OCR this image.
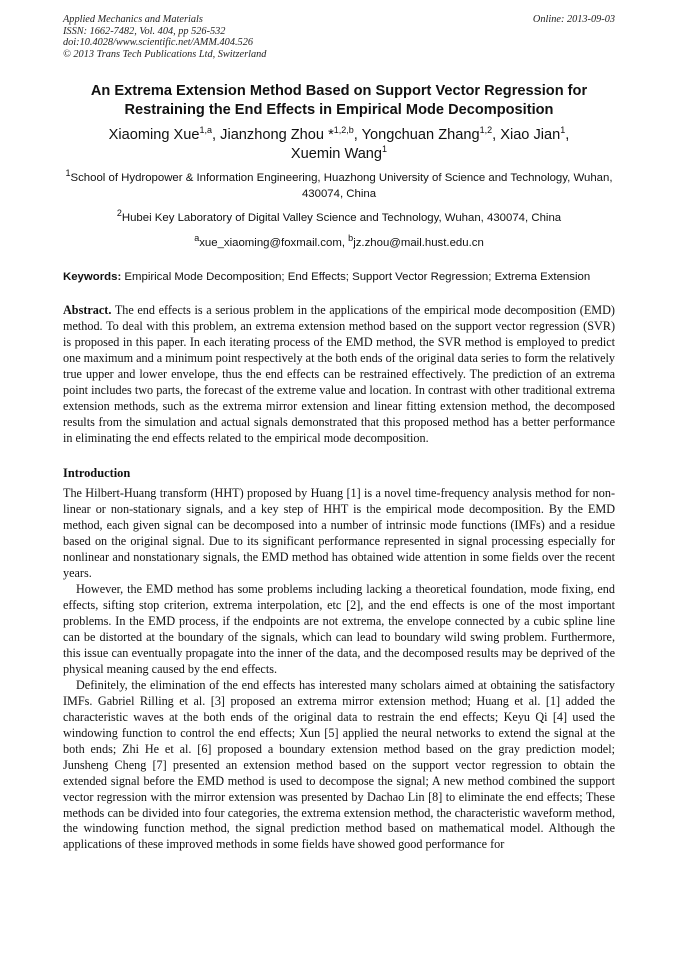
Applied Mechanics and Materials
ISSN: 1662-7482, Vol. 404, pp 526-532
doi:10.4028/www.scientific.net/AMM.404.526
© 2013 Trans Tech Publications Ltd, Switzerland
Online: 2013-09-03
An Extrema Extension Method Based on Support Vector Regression for
Restraining the End Effects in Empirical Mode Decomposition
Xiaoming Xue$^{1,a}$, Jianzhong Zhou *$^{1,2,b}$, Yongchuan Zhang$^{1,2}$, Xiao Jian$^1$,
Xuemin Wang$^1$
$^1$School of Hydropower & Information Engineering, Huazhong University of Science and Technology, Wuhan, 430074, China
$^2$Hubei Key Laboratory of Digital Valley Science and Technology, Wuhan, 430074, China
$^a$xue_xiaoming@foxmail.com, $^b$jz.zhou@mail.hust.edu.cn
Keywords: Empirical Mode Decomposition; End Effects; Support Vector Regression; Extrema Extension
Abstract. The end effects is a serious problem in the applications of the empirical mode decomposition (EMD) method. To deal with this problem, an extrema extension method based on the support vector regression (SVR) is proposed in this paper. In each iterating process of the EMD method, the SVR method is employed to predict one maximum and a minimum point respectively at the both ends of the original data series to form the relatively true upper and lower envelope, thus the end effects can be restrained effectively. The prediction of an extrema point includes two parts, the forecast of the extreme value and location. In contrast with other traditional extrema extension methods, such as the extrema mirror extension and linear fitting extension method, the decomposed results from the simulation and actual signals demonstrated that this proposed method has a better performance in eliminating the end effects related to the empirical mode decomposition.
Introduction
The Hilbert-Huang transform (HHT) proposed by Huang [1] is a novel time-frequency analysis method for non-linear or non-stationary signals, and a key step of HHT is the empirical mode decomposition. By the EMD method, each given signal can be decomposed into a number of intrinsic mode functions (IMFs) and a residue based on the original signal. Due to its significant performance represented in signal processing especially for nonlinear and nonstationary signals, the EMD method has obtained wide attention in some fields over the recent years.
However, the EMD method has some problems including lacking a theoretical foundation, mode fixing, end effects, sifting stop criterion, extrema interpolation, etc [2], and the end effects is one of the most important problems. In the EMD process, if the endpoints are not extrema, the envelope connected by a cubic spline line can be distorted at the boundary of the signals, which can lead to boundary wild swing problem. Furthermore, this issue can eventually propagate into the inner of the data, and the decomposed results may be deprived of the physical meaning caused by the end effects.
Definitely, the elimination of the end effects has interested many scholars aimed at obtaining the satisfactory IMFs. Gabriel Rilling et al. [3] proposed an extrema mirror extension method; Huang et al. [1] added the characteristic waves at the both ends of the original data to restrain the end effects; Keyu Qi [4] used the windowing function to control the end effects; Xun [5] applied the neural networks to extend the signal at the both ends; Zhi He et al. [6] proposed a boundary extension method based on the gray prediction model; Junsheng Cheng [7] presented an extension method based on the support vector regression to obtain the extended signal before the EMD method is used to decompose the signal; A new method combined the support vector regression with the mirror extension was presented by Dachao Lin [8] to eliminate the end effects; These methods can be divided into four categories, the extrema extension method, the characteristic waveform method, the windowing function method, the signal prediction method based on mathematical model. Although the applications of these improved methods in some fields have showed good performance for
